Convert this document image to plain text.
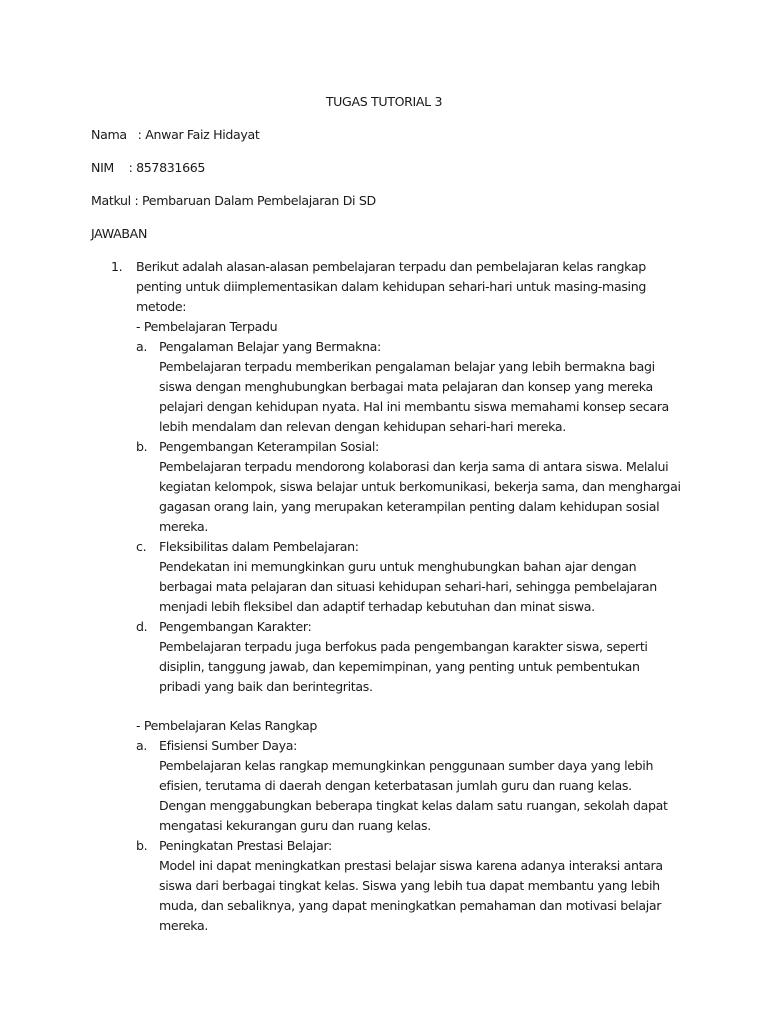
TUGAS TUTORIAL 3
Nama   : Anwar Faiz Hidayat
NIM    : 857831665
Matkul : Pembaruan Dalam Pembelajaran Di SD
JAWABAN
1. Berikut adalah alasan-alasan pembelajaran terpadu dan pembelajaran kelas rangkap penting untuk diimplementasikan dalam kehidupan sehari-hari untuk masing-masing metode:

- Pembelajaran Terpadu
a. Pengalaman Belajar yang Bermakna:

Pembelajaran terpadu memberikan pengalaman belajar yang lebih bermakna bagi siswa dengan menghubungkan berbagai mata pelajaran dan konsep yang mereka pelajari dengan kehidupan nyata. Hal ini membantu siswa memahami konsep secara lebih mendalam dan relevan dengan kehidupan sehari-hari mereka.

b. Pengembangan Keterampilan Sosial:

Pembelajaran terpadu mendorong kolaborasi dan kerja sama di antara siswa. Melalui kegiatan kelompok, siswa belajar untuk berkomunikasi, bekerja sama, dan menghargai gagasan orang lain, yang merupakan keterampilan penting dalam kehidupan sosial mereka.

c. Fleksibilitas dalam Pembelajaran:

Pendekatan ini memungkinkan guru untuk menghubungkan bahan ajar dengan berbagai mata pelajaran dan situasi kehidupan sehari-hari, sehingga pembelajaran menjadi lebih fleksibel dan adaptif terhadap kebutuhan dan minat siswa.

d. Pengembangan Karakter:

Pembelajaran terpadu juga berfokus pada pengembangan karakter siswa, seperti disiplin, tanggung jawab, dan kepemimpinan, yang penting untuk pembentukan pribadi yang baik dan berintegritas.

- Pembelajaran Kelas Rangkap
a. Efisiensi Sumber Daya:

Pembelajaran kelas rangkap memungkinkan penggunaan sumber daya yang lebih efisien, terutama di daerah dengan keterbatasan jumlah guru dan ruang kelas. Dengan menggabungkan beberapa tingkat kelas dalam satu ruangan, sekolah dapat mengatasi kekurangan guru dan ruang kelas.

b. Peningkatan Prestasi Belajar:

Model ini dapat meningkatkan prestasi belajar siswa karena adanya interaksi antara siswa dari berbagai tingkat kelas. Siswa yang lebih tua dapat membantu yang lebih muda, dan sebaliknya, yang dapat meningkatkan pemahaman dan motivasi belajar mereka.
